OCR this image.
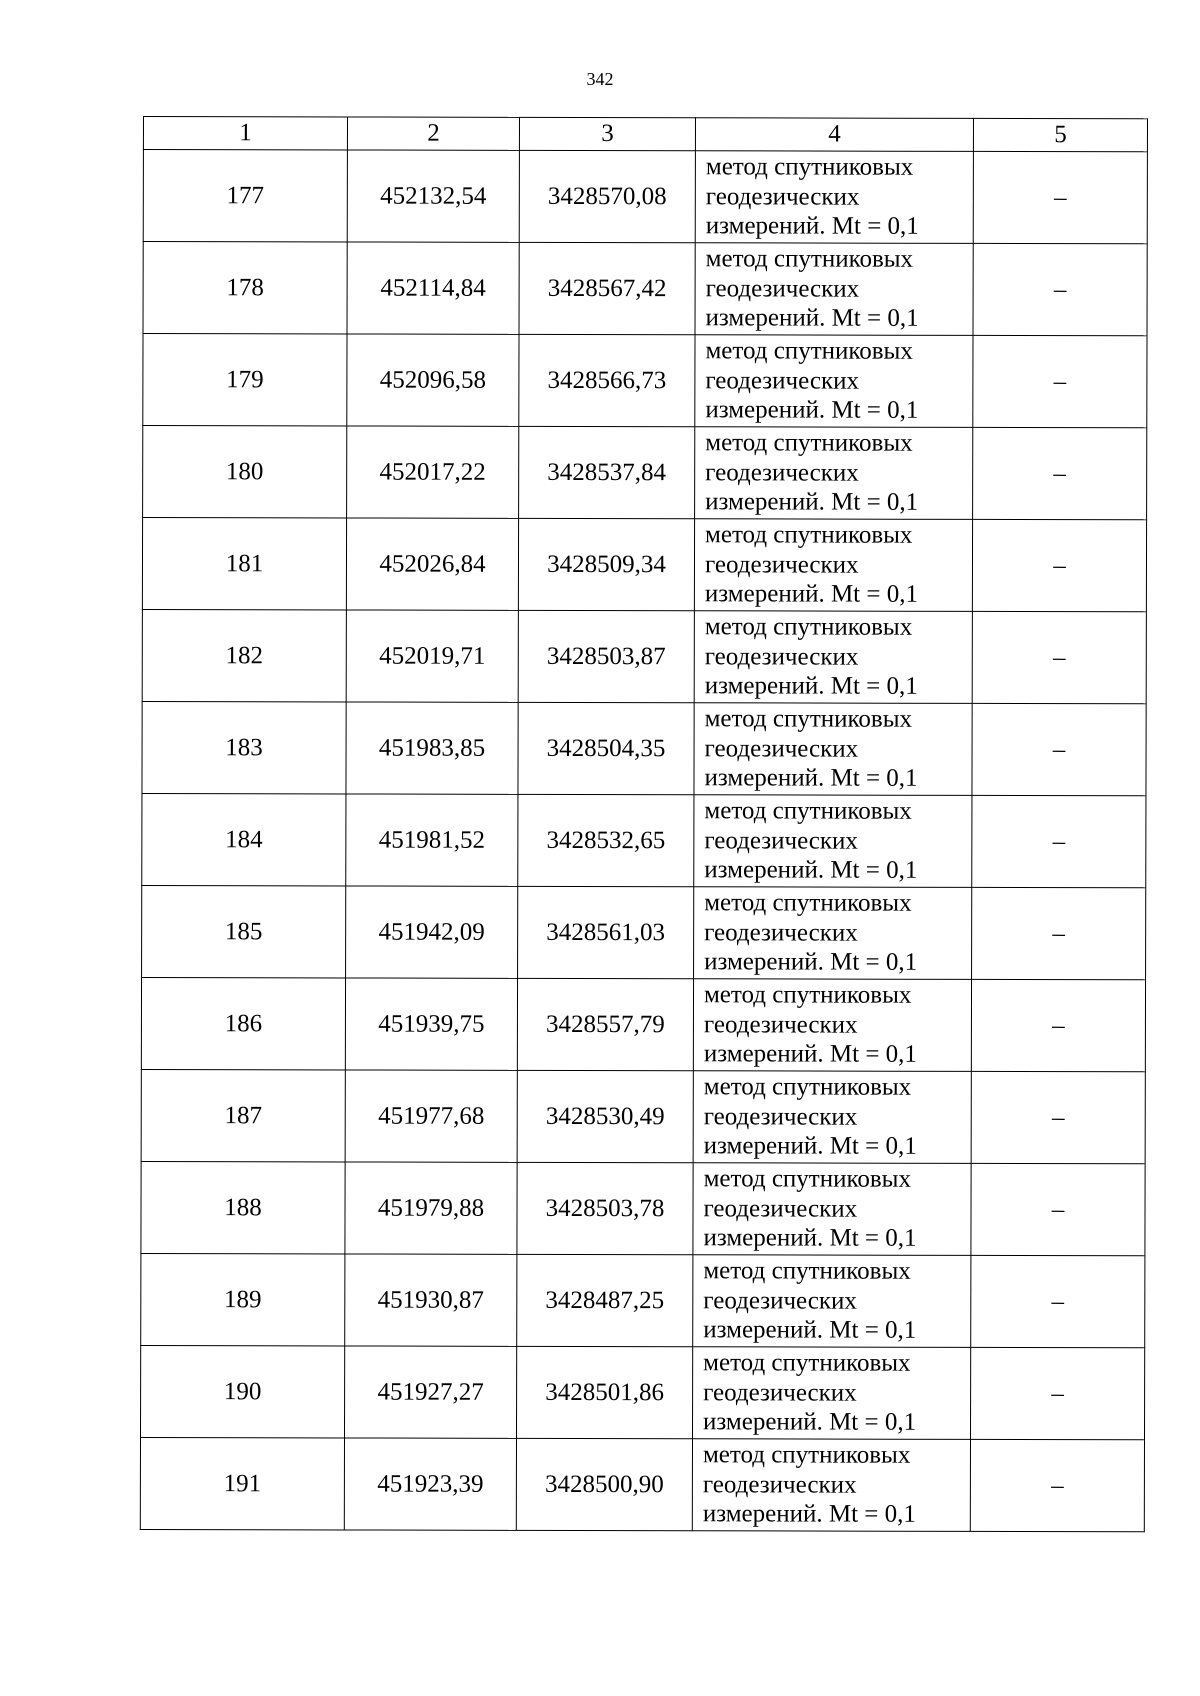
342
1	2	3	4	5
177	452132,54	3428570,08	метод спутниковых
геодезических
измерений. Mt = 0,1	–
178	452114,84	3428567,42	метод спутниковых
геодезических
измерений. Mt = 0,1	–
179	452096,58	3428566,73	метод спутниковых
геодезических
измерений. Mt = 0,1	–
180	452017,22	3428537,84	метод спутниковых
геодезических
измерений. Mt = 0,1	–
181	452026,84	3428509,34	метод спутниковых
геодезических
измерений. Mt = 0,1	–
182	452019,71	3428503,87	метод спутниковых
геодезических
измерений. Mt = 0,1	–
183	451983,85	3428504,35	метод спутниковых
геодезических
измерений. Mt = 0,1	–
184	451981,52	3428532,65	метод спутниковых
геодезических
измерений. Mt = 0,1	–
185	451942,09	3428561,03	метод спутниковых
геодезических
измерений. Mt = 0,1	–
186	451939,75	3428557,79	метод спутниковых
геодезических
измерений. Mt = 0,1	–
187	451977,68	3428530,49	метод спутниковых
геодезических
измерений. Mt = 0,1	–
188	451979,88	3428503,78	метод спутниковых
геодезических
измерений. Mt = 0,1	–
189	451930,87	3428487,25	метод спутниковых
геодезических
измерений. Mt = 0,1	–
190	451927,27	3428501,86	метод спутниковых
геодезических
измерений. Mt = 0,1	–
191	451923,39	3428500,90	метод спутниковых
геодезических
измерений. Mt = 0,1	–
